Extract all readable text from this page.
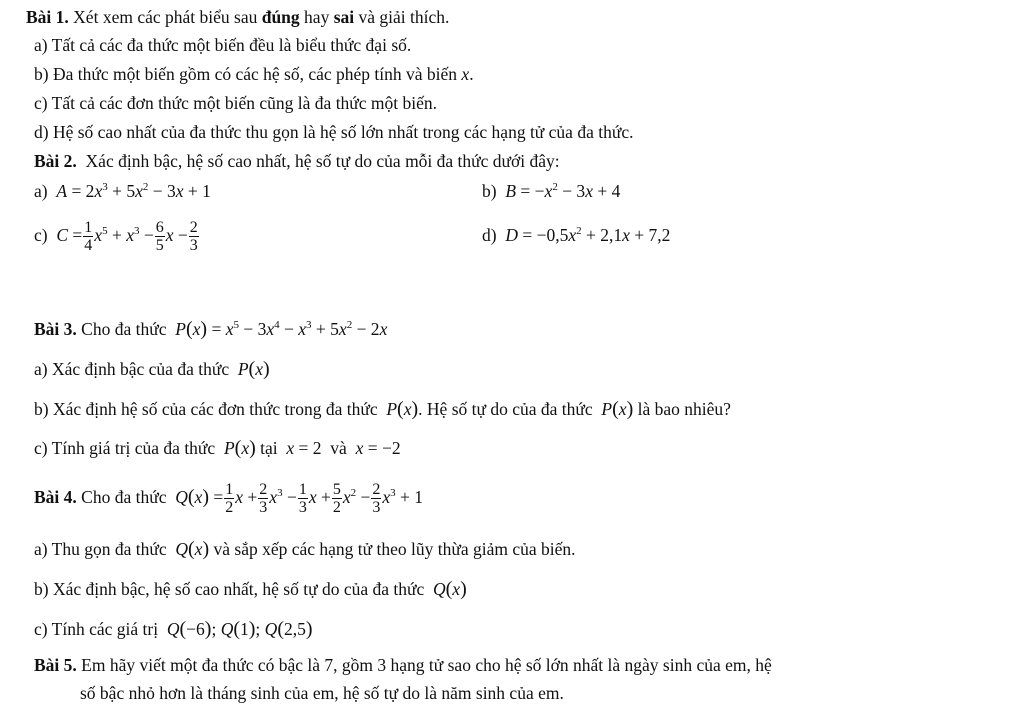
Bài 1. Xét xem các phát biểu sau đúng hay sai và giải thích.
a) Tất cả các đa thức một biến đều là biểu thức đại số.
b) Đa thức một biến gồm có các hệ số, các phép tính và biến x.
c) Tất cả các đơn thức một biến cũng là đa thức một biến.
d) Hệ số cao nhất của đa thức thu gọn là hệ số lớn nhất trong các hạng tử của đa thức.
Bài 2. Xác định bậc, hệ số cao nhất, hệ số tự do của mỗi đa thức dưới đây:
a)  $A = 2x^3 + 5x^2 - 3x + 1$	b)  $B = -x^2 - 3x + 4$
c)  $C = \frac{1}{4} x^5 + x^3 - \frac{6}{5}$ $x - \frac{2}{3}$	d)  $D = -0,5x^2 + 2,1x + 7,2$
Bài 3. Cho đa thức  $P(x) = x^5 - 3x^4 - x^3 + 5x^2 - 2x$
a) Xác định bậc của đa thức  P(x)
b) Xác định hệ số của các đơn thức trong đa thức  P(x). Hệ số tự do của đa thức  P(x) là bao nhiêu?
c) Tính giá trị của đa thức  P(x) tại  x = 2 và  x = −2
Bài 4. Cho đa thức  $Q(x) = \frac{1}{2}$ $x + \frac{2}{3} x^3 - \frac{1}{3}$ $x + \frac{5}{2} x^2 - \frac{2}{3} x^3 + 1$
a) Thu gọn đa thức  Q(x) và sắp xếp các hạng tử theo lũy thừa giảm của biến.
b) Xác định bậc, hệ số cao nhất, hệ số tự do của đa thức  Q(x)
c) Tính các giá trị  Q(−6); Q(1); Q(2,5)
Bài 5. Em hãy viết một đa thức có bậc là 7, gồm 3 hạng tử sao cho hệ số lớn nhất là ngày sinh của em, hệ
số bậc nhỏ hơn là tháng sinh của em, hệ số tự do là năm sinh của em.
